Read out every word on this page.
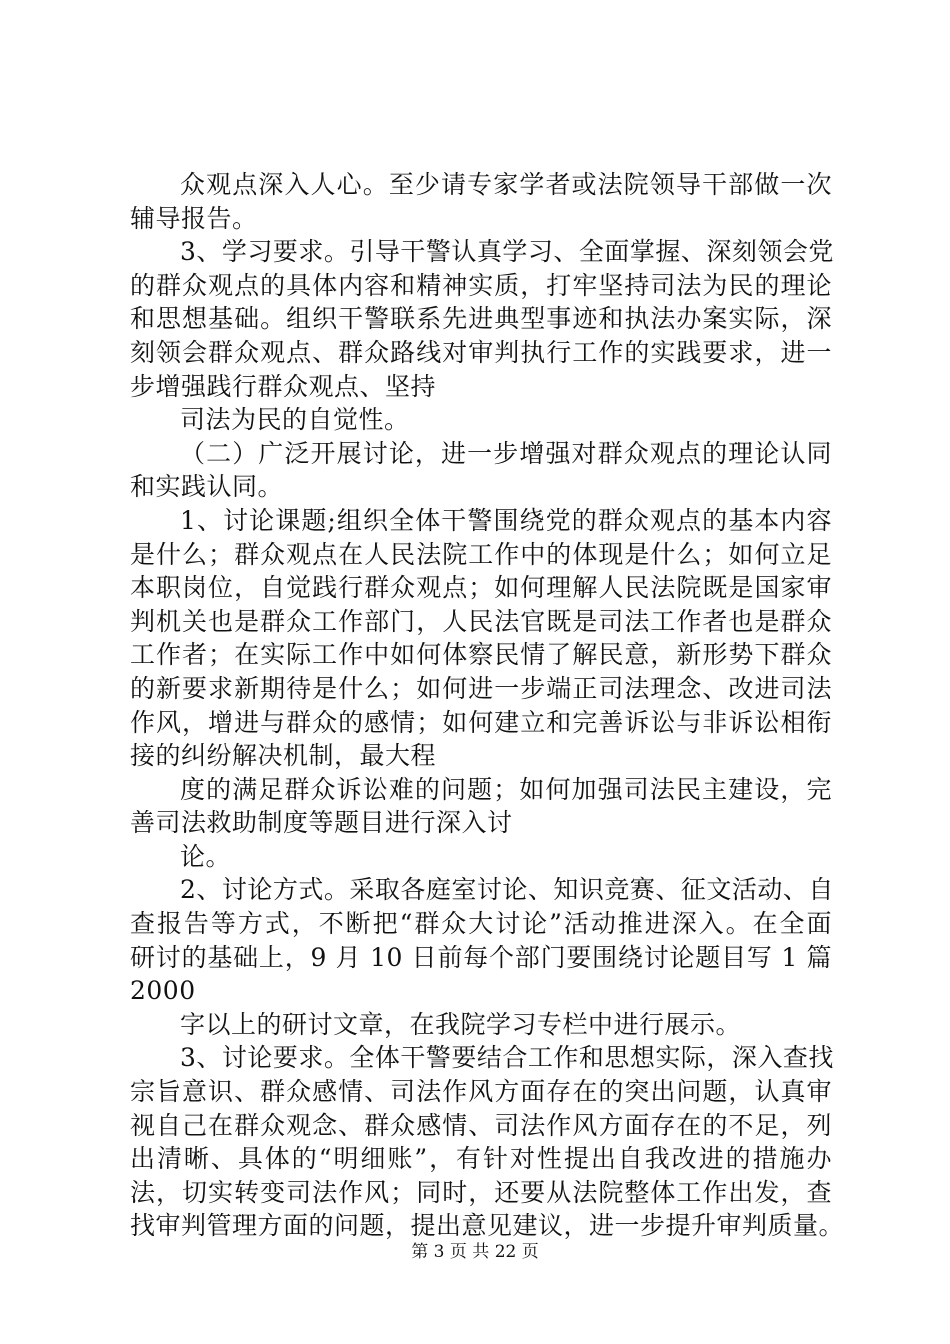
众观点深入人心。至少请专家学者或法院领导干部做一次
辅导报告。
3、学习要求。引导干警认真学习、全面掌握、深刻领会党
的群众观点的具体内容和精神实质，打牢坚持司法为民的理论
和思想基础。组织干警联系先进典型事迹和执法办案实际，深
刻领会群众观点、群众路线对审判执行工作的实践要求，进一
步增强践行群众观点、坚持
司法为民的自觉性。
（二）广泛开展讨论，进一步增强对群众观点的理论认同
和实践认同。
1、讨论课题;组织全体干警围绕党的群众观点的基本内容
是什么；群众观点在人民法院工作中的体现是什么；如何立足
本职岗位，自觉践行群众观点；如何理解人民法院既是国家审
判机关也是群众工作部门，人民法官既是司法工作者也是群众
工作者；在实际工作中如何体察民情了解民意，新形势下群众
的新要求新期待是什么；如何进一步端正司法理念、改进司法
作风，增进与群众的感情；如何建立和完善诉讼与非诉讼相衔
接的纠纷解决机制，最大程
度的满足群众诉讼难的问题；如何加强司法民主建设，完
善司法救助制度等题目进行深入讨
论。
2、讨论方式。采取各庭室讨论、知识竞赛、征文活动、自
查报告等方式，不断把“群众大讨论”活动推进深入。在全面
研讨的基础上，9 月 10 日前每个部门要围绕讨论题目写 1 篇
2000
字以上的研讨文章，在我院学习专栏中进行展示。
3、讨论要求。全体干警要结合工作和思想实际，深入查找
宗旨意识、群众感情、司法作风方面存在的突出问题，认真审
视自己在群众观念、群众感情、司法作风方面存在的不足，列
出清晰、具体的“明细账”，有针对性提出自我改进的措施办
法，切实转变司法作风；同时，还要从法院整体工作出发，查
找审判管理方面的问题，提出意见建议，进一步提升审判质量。
第 3 页 共 22 页
